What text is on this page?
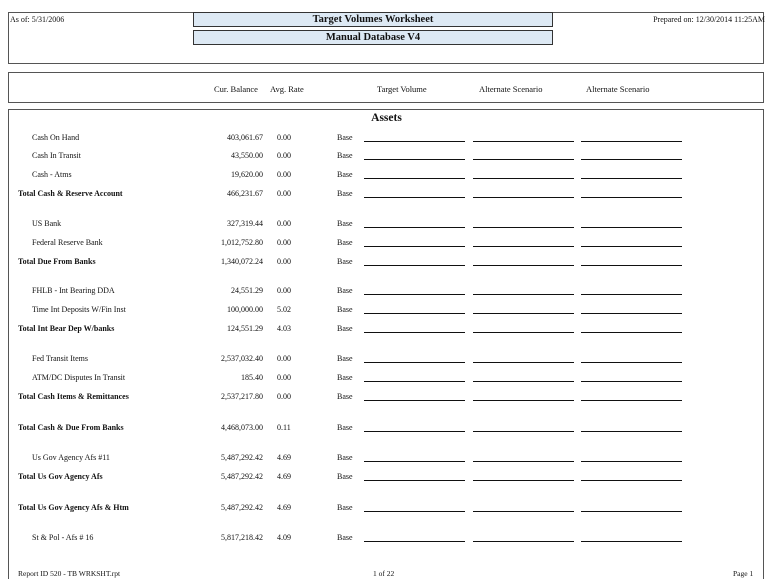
As of: 5/31/2006	Target Volumes Worksheet
Manual Database V4
Prepared on: 12/30/2014 11:25AM
Cur. Balance Avg. Rate	Target Volume	Alternate Scenario	Alternate Scenario
Assets
Cash On Hand	403,061.67 0.00	Base
Cash In Transit	43,550.00 0.00	Base
Cash - Atms	19,620.00 0.00	Base
Total Cash & Reserve Account	466,231.67 0.00	Base
US Bank	327,319.44 0.00	Base
Federal Reserve Bank	1,012,752.80 0.00	Base
Total Due From Banks	1,340,072.24 0.00	Base
FHLB - Int Bearing DDA	24,551.29 0.00	Base
Time Int Deposits W/Fin Inst	100,000.00 5.02	Base
Total Int Bear Dep W/banks	124,551.29 4.03	Base
Fed Transit Items	2,537,032.40 0.00	Base
ATM/DC Disputes In Transit	185.40 0.00	Base
Total Cash Items & Remittances	2,537,217.80 0.00	Base
Total Cash & Due From Banks	4,468,073.00 0.11	Base
Us Gov Agency Afs #11	5,487,292.42 4.69	Base
Total Us Gov Agency Afs	5,487,292.42 4.69	Base
Total Us Gov Agency Afs & Htm	5,487,292.42 4.69	Base
St & Pol - Afs # 16	5,817,218.42 4.09	Base
Report ID 520 - TB WRKSHT.rpt	1 of 22	Page 1
